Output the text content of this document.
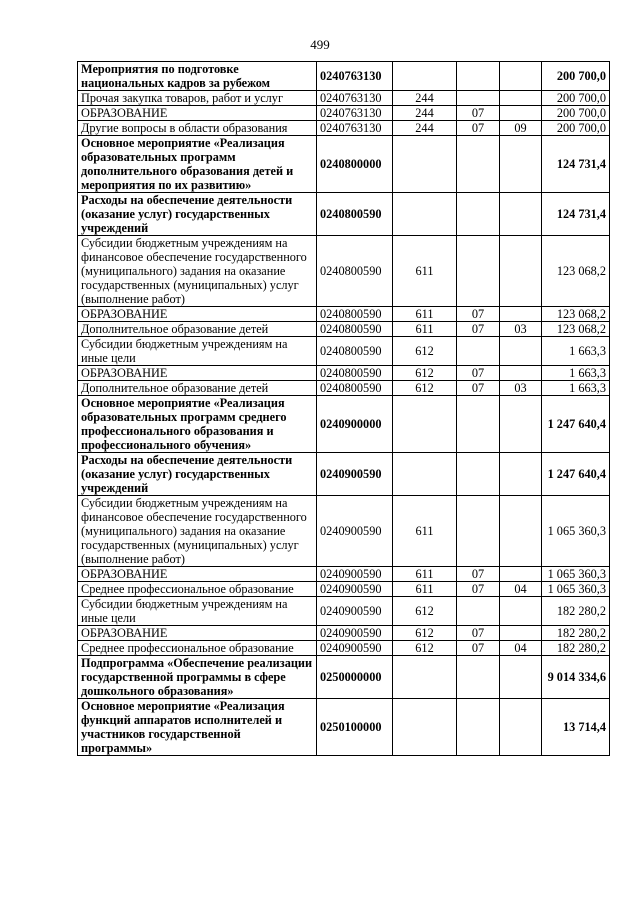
499
Мероприятия по подготовке национальных кадров за рубежом	0240763130				200 700,0
Прочая закупка товаров, работ и услуг	0240763130	244			200 700,0
ОБРАЗОВАНИЕ	0240763130	244	07		200 700,0
Другие вопросы в области образования	0240763130	244	07	09	200 700,0
Основное мероприятие «Реализация образовательных программ дополнительного образования детей и мероприятия по их развитию»	0240800000				124 731,4
Расходы на обеспечение деятельности (оказание услуг) государственных учреждений	0240800590				124 731,4
Субсидии бюджетным учреждениям на финансовое обеспечение государственного (муниципального) задания на оказание государственных (муниципальных) услуг (выполнение работ)	0240800590	611			123 068,2
ОБРАЗОВАНИЕ	0240800590	611	07		123 068,2
Дополнительное образование детей	0240800590	611	07	03	123 068,2
Субсидии бюджетным учреждениям на иные цели	0240800590	612			1 663,3
ОБРАЗОВАНИЕ	0240800590	612	07		1 663,3
Дополнительное образование детей	0240800590	612	07	03	1 663,3
Основное мероприятие «Реализация образовательных программ среднего профессионального образования и профессионального обучения»	0240900000				1 247 640,4
Расходы на обеспечение деятельности (оказание услуг) государственных учреждений	0240900590				1 247 640,4
Субсидии бюджетным учреждениям на финансовое обеспечение государственного (муниципального) задания на оказание государственных (муниципальных) услуг (выполнение работ)	0240900590	611			1 065 360,3
ОБРАЗОВАНИЕ	0240900590	611	07		1 065 360,3
Среднее профессиональное образование	0240900590	611	07	04	1 065 360,3
Субсидии бюджетным учреждениям на иные цели	0240900590	612			182 280,2
ОБРАЗОВАНИЕ	0240900590	612	07		182 280,2
Среднее профессиональное образование	0240900590	612	07	04	182 280,2
Подпрограмма «Обеспечение реализации государственной программы в сфере дошкольного образования»	0250000000				9 014 334,6
Основное мероприятие «Реализация функций аппаратов исполнителей и участников государственной программы»	0250100000				13 714,4
